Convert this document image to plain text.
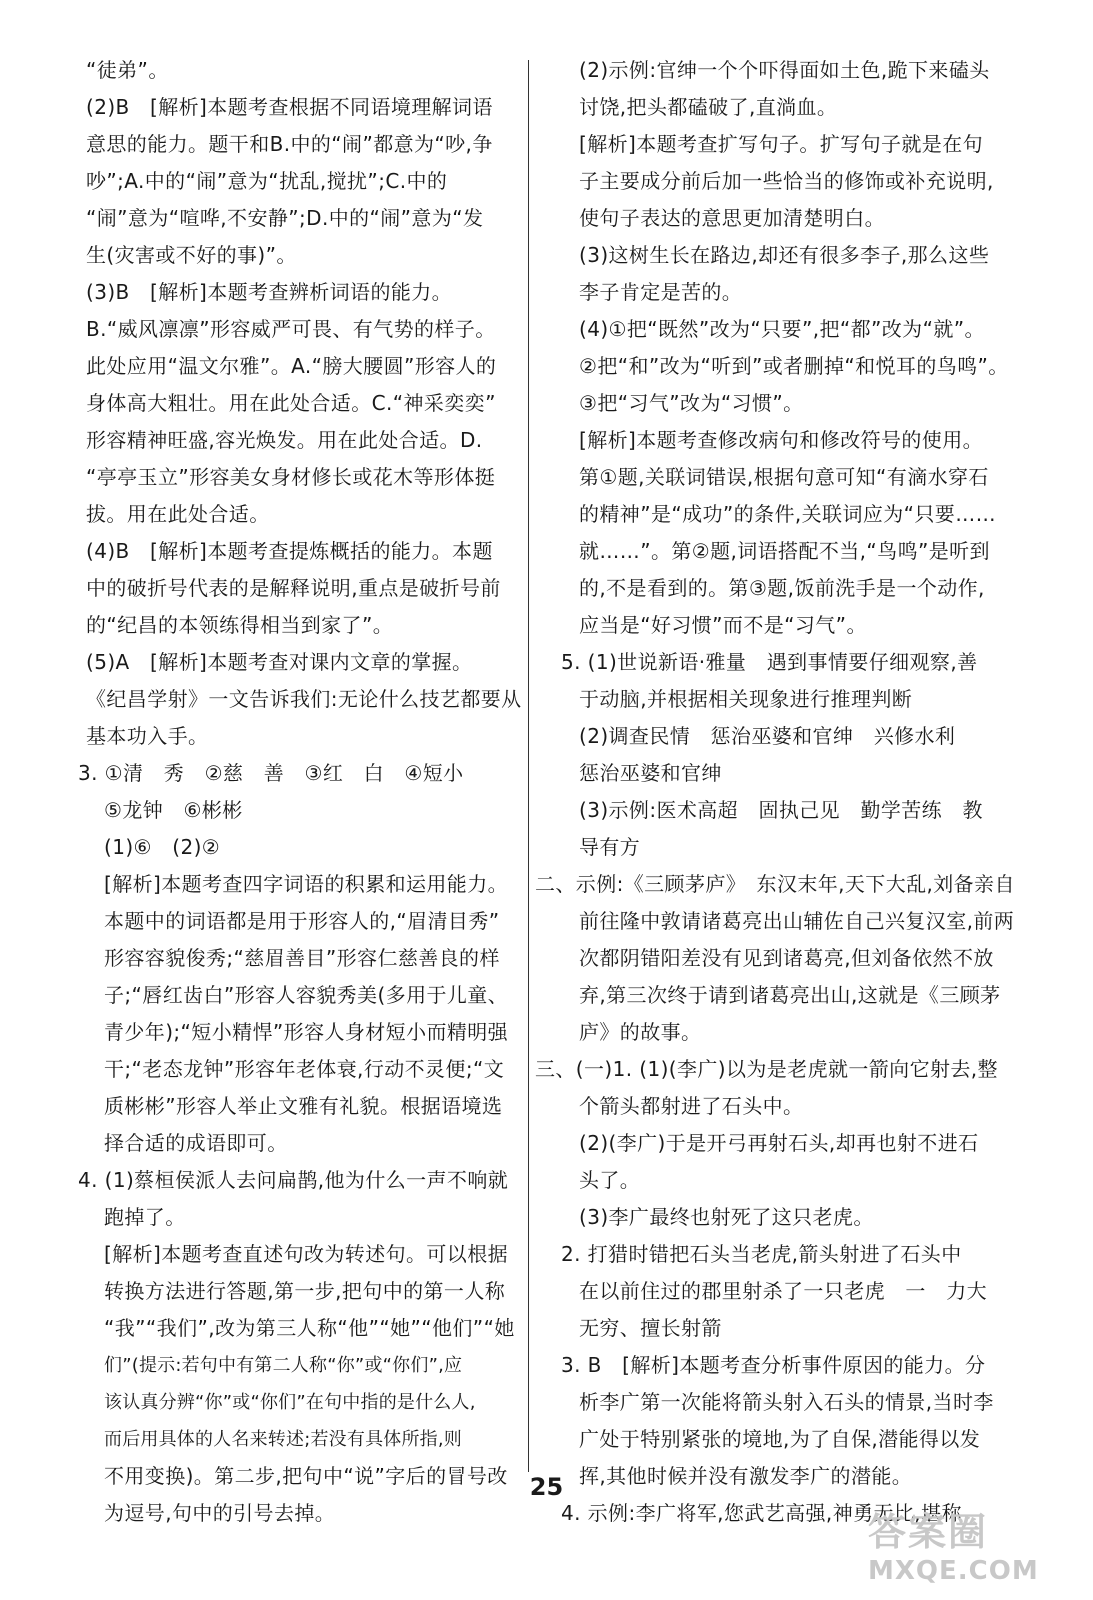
“徒弟”。
(2)B　[解析]本题考查根据不同语境理解词语
意思的能力。题干和B.中的“闹”都意为“吵,争
吵”;A.中的“闹”意为“扰乱,搅扰”;C.中的
“闹”意为“喧哗,不安静”;D.中的“闹”意为“发
生(灾害或不好的事)”。
(3)B　[解析]本题考查辨析词语的能力。
B.“威风凛凛”形容威严可畏、有气势的样子。
此处应用“温文尔雅”。A.“膀大腰圆”形容人的
身体高大粗壮。用在此处合适。C.“神采奕奕”
形容精神旺盛,容光焕发。用在此处合适。D.
“亭亭玉立”形容美女身材修长或花木等形体挺
拔。用在此处合适。
(4)B　[解析]本题考查提炼概括的能力。本题
中的破折号代表的是解释说明,重点是破折号前
的“纪昌的本领练得相当到家了”。
(5)A　[解析]本题考查对课内文章的掌握。
《纪昌学射》一文告诉我们:无论什么技艺都要从
基本功入手。
3. ①清　秀　②慈　善　③红　白　④短小
⑤龙钟　⑥彬彬
(1)⑥　(2)②
[解析]本题考查四字词语的积累和运用能力。
本题中的词语都是用于形容人的,“眉清目秀”
形容容貌俊秀;“慈眉善目”形容仁慈善良的样
子;“唇红齿白”形容人容貌秀美(多用于儿童、
青少年);“短小精悍”形容人身材短小而精明强
干;“老态龙钟”形容年老体衰,行动不灵便;“文
质彬彬”形容人举止文雅有礼貌。根据语境选
择合适的成语即可。
4. (1)蔡桓侯派人去问扁鹊,他为什么一声不响就
跑掉了。
[解析]本题考查直述句改为转述句。可以根据
转换方法进行答题,第一步,把句中的第一人称
“我”“我们”,改为第三人称“他”“她”“他们”“她
们”(提示:若句中有第二人称“你”或“你们”,应
该认真分辨“你”或“你们”在句中指的是什么人,
而后用具体的人名来转述;若没有具体所指,则
不用变换)。第二步,把句中“说”字后的冒号改
为逗号,句中的引号去掉。
(2)示例:官绅一个个吓得面如土色,跪下来磕头
讨饶,把头都磕破了,直淌血。
[解析]本题考查扩写句子。扩写句子就是在句
子主要成分前后加一些恰当的修饰或补充说明,
使句子表达的意思更加清楚明白。
(3)这树生长在路边,却还有很多李子,那么这些
李子肯定是苦的。
(4)①把“既然”改为“只要”,把“都”改为“就”。
②把“和”改为“听到”或者删掉“和悦耳的鸟鸣”。
③把“习气”改为“习惯”。
[解析]本题考查修改病句和修改符号的使用。
第①题,关联词错误,根据句意可知“有滴水穿石
的精神”是“成功”的条件,关联词应为“只要……
就……”。第②题,词语搭配不当,“鸟鸣”是听到
的,不是看到的。第③题,饭前洗手是一个动作,
应当是“好习惯”而不是“习气”。
5. (1)世说新语·雅量　遇到事情要仔细观察,善
于动脑,并根据相关现象进行推理判断
(2)调查民情　惩治巫婆和官绅　兴修水利
惩治巫婆和官绅
(3)示例:医术高超　固执己见　勤学苦练　教
导有方
二、示例:《三顾茅庐》　东汉末年,天下大乱,刘备亲自
前往隆中敦请诸葛亮出山辅佐自己兴复汉室,前两
次都阴错阳差没有见到诸葛亮,但刘备依然不放
弃,第三次终于请到诸葛亮出山,这就是《三顾茅
庐》的故事。
三、(一)1. (1)(李广)以为是老虎就一箭向它射去,整
个箭头都射进了石头中。
(2)(李广)于是开弓再射石头,却再也射不进石
头了。
(3)李广最终也射死了这只老虎。
2. 打猎时错把石头当老虎,箭头射进了石头中
在以前住过的郡里射杀了一只老虎　一　力大
无穷、擅长射箭
3. B　[解析]本题考查分析事件原因的能力。分
析李广第一次能将箭头射入石头的情景,当时李
广处于特别紧张的境地,为了自保,潜能得以发
挥,其他时候并没有激发李广的潜能。
4. 示例:李广将军,您武艺高强,神勇无比,堪称
25
答案圈
MXQE.COM
